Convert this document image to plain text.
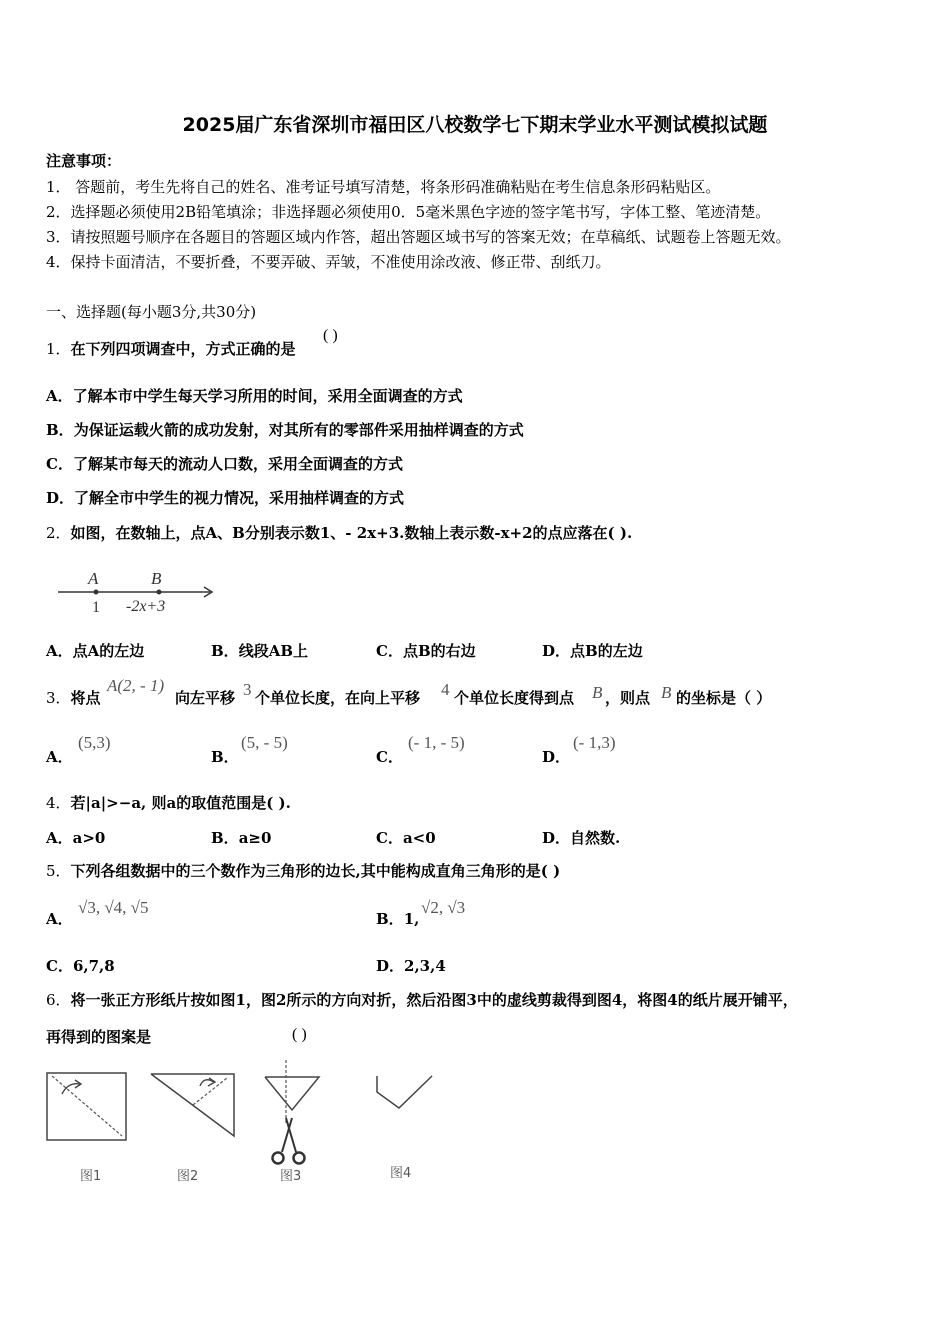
2025届广东省深圳市福田区八校数学七下期末学业水平测试模拟试题
注意事项：
1． 答题前，考生先将自己的姓名、准考证号填写清楚，将条形码准确粘贴在考生信息条形码粘贴区。
2．选择题必须使用2B铅笔填涂；非选择题必须使用0．5毫米黑色字迹的签字笔书写，字体工整、笔迹清楚。
3．请按照题号顺序在各题目的答题区域内作答，超出答题区域书写的答案无效；在草稿纸、试题卷上答题无效。
4．保持卡面清洁，不要折叠，不要弄破、弄皱，不准使用涂改液、修正带、刮纸刀。
一、选择题(每小题3分,共30分)
1．在下列四项调查中，方式正确的是
( )
A．了解本市中学生每天学习所用的时间，采用全面调查的方式
B．为保证运载火箭的成功发射，对其所有的零部件采用抽样调查的方式
C．了解某市每天的流动人口数，采用全面调查的方式
D．了解全市中学生的视力情况，采用抽样调查的方式
2．如图，在数轴上，点A、B分别表示数1、- 2x+3.数轴上表示数-x+2的点应落在( ).
A	B
1 -2x+3
A．点A的左边	B．线段AB上	C．点B的右边	D．点B的左边
3．将点
A(2, - 1)
向左平移 3 个单位长度，在向上平移 4 个单位长度得到点 B ，则点 B 的坐标是（ ）
A．
(5,3)
B．
(5, - 5)
C．
(- 1, - 5)
D．
(- 1,3)
4．若|a|>−a, 则a的取值范围是( ).
A．a>0	B．a≥0	C．a<0	D．自然数.
5．下列各组数据中的三个数作为三角形的边长,其中能构成直角三角形的是( )
A．
√3, √4, √5
B．1,
√2, √3
C．6,7,8	D．2,3,4
6．将一张正方形纸片按如图1，图2所示的方向对折，然后沿图3中的虚线剪裁得到图4，将图4的纸片展开铺平，
再得到的图案是	( )
图1	图2	图3	图4
